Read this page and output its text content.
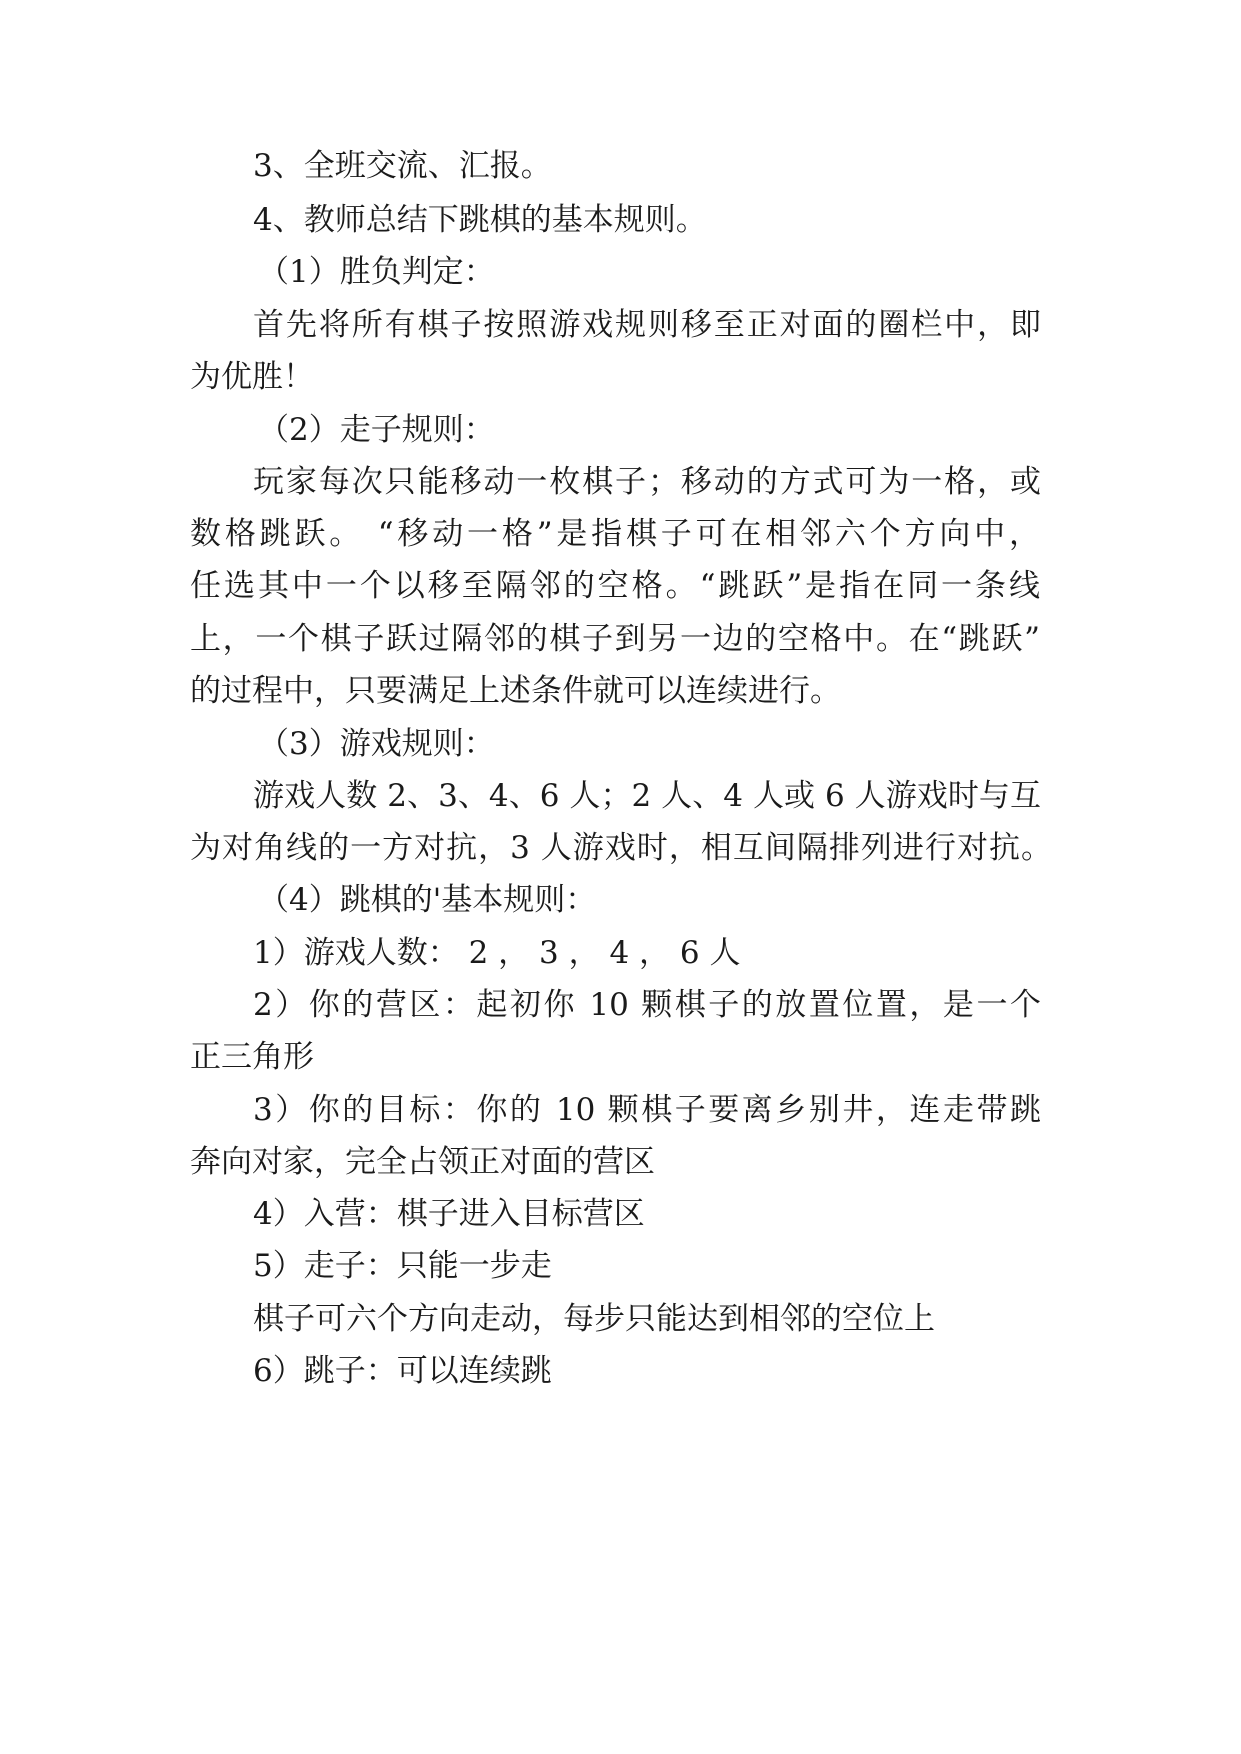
3、全班交流、汇报。

4、教师总结下跳棋的基本规则。

（1）胜负判定：

首先将所有棋子按照游戏规则移至正对面的圈栏中，即

为优胜！

（2）走子规则：

玩家每次只能移动一枚棋子；移动的方式可为一格，或

数格跳跃。 “移动一格”是指棋子可在相邻六个方向中，

任选其中一个以移至隔邻的空格。“跳跃”是指在同一条线

上，一个棋子跃过隔邻的棋子到另一边的空格中。在“跳跃”

的过程中，只要满足上述条件就可以连续进行。

（3）游戏规则：

游戏人数 2、3、4、6 人；2 人、4 人或 6 人游戏时与互

为对角线的一方对抗，3 人游戏时，相互间隔排列进行对抗。

（4）跳棋的'基本规则：

1）游戏人数： 2 ， 3 ， 4 ， 6 人

2）你的营区：起初你 10 颗棋子的放置位置，是一个

正三角形

3）你的目标：你的 10 颗棋子要离乡别井，连走带跳

奔向对家，完全占领正对面的营区

4）入营：棋子进入目标营区

5）走子：只能一步走

棋子可六个方向走动，每步只能达到相邻的空位上

6）跳子：可以连续跳
